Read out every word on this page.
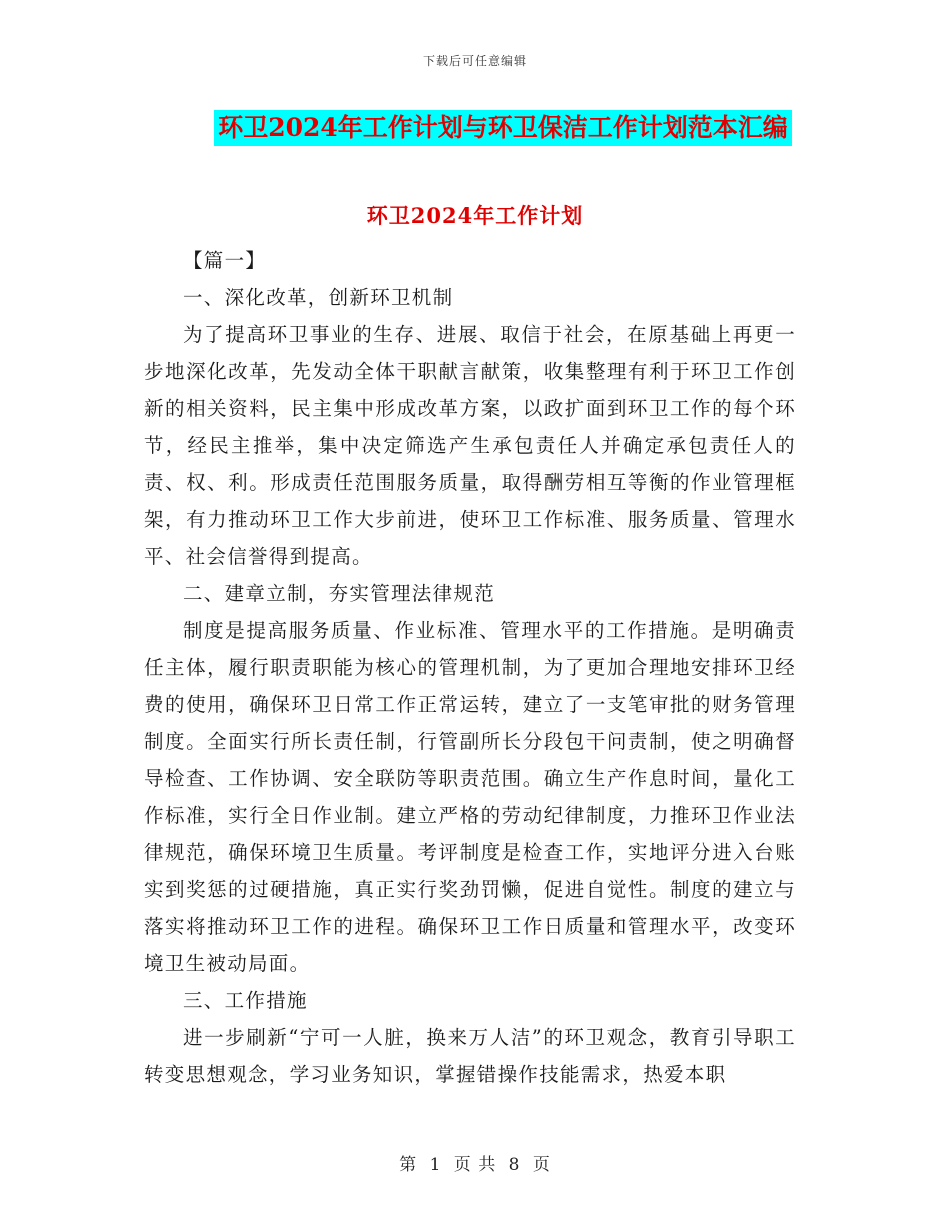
下载后可任意编辑
环卫2024年工作计划与环卫保洁工作计划范本汇编
环卫2024年工作计划

【篇一】

一、深化改革，创新环卫机制

为了提高环卫事业的生存、进展、取信于社会，在原基础上再更一步地深化改革，先发动全体干职献言献策，收集整理有利于环卫工作创新的相关资料，民主集中形成改革方案，以政扩面到环卫工作的每个环节，经民主推举，集中决定筛选产生承包责任人并确定承包责任人的责、权、利。形成责任范围服务质量，取得酬劳相互等衡的作业管理框架，有力推动环卫工作大步前进，使环卫工作标准、服务质量、管理水平、社会信誉得到提高。

二、建章立制，夯实管理法律规范

制度是提高服务质量、作业标准、管理水平的工作措施。是明确责任主体，履行职责职能为核心的管理机制，为了更加合理地安排环卫经费的使用，确保环卫日常工作正常运转，建立了一支笔审批的财务管理制度。全面实行所长责任制，行管副所长分段包干问责制，使之明确督导检查、工作协调、安全联防等职责范围。确立生产作息时间，量化工作标准，实行全日作业制。建立严格的劳动纪律制度，力推环卫作业法律规范，确保环境卫生质量。考评制度是检查工作，实地评分进入台账实到奖惩的过硬措施，真正实行奖劲罚懒，促进自觉性。制度的建立与落实将推动环卫工作的进程。确保环卫工作日质量和管理水平，改变环境卫生被动局面。

三、工作措施

进一步刷新“宁可一人脏，换来万人洁”的环卫观念，教育引导职工转变思想观念，学习业务知识，掌握错操作技能需求，热爱本职

第 1 页 共 8 页
